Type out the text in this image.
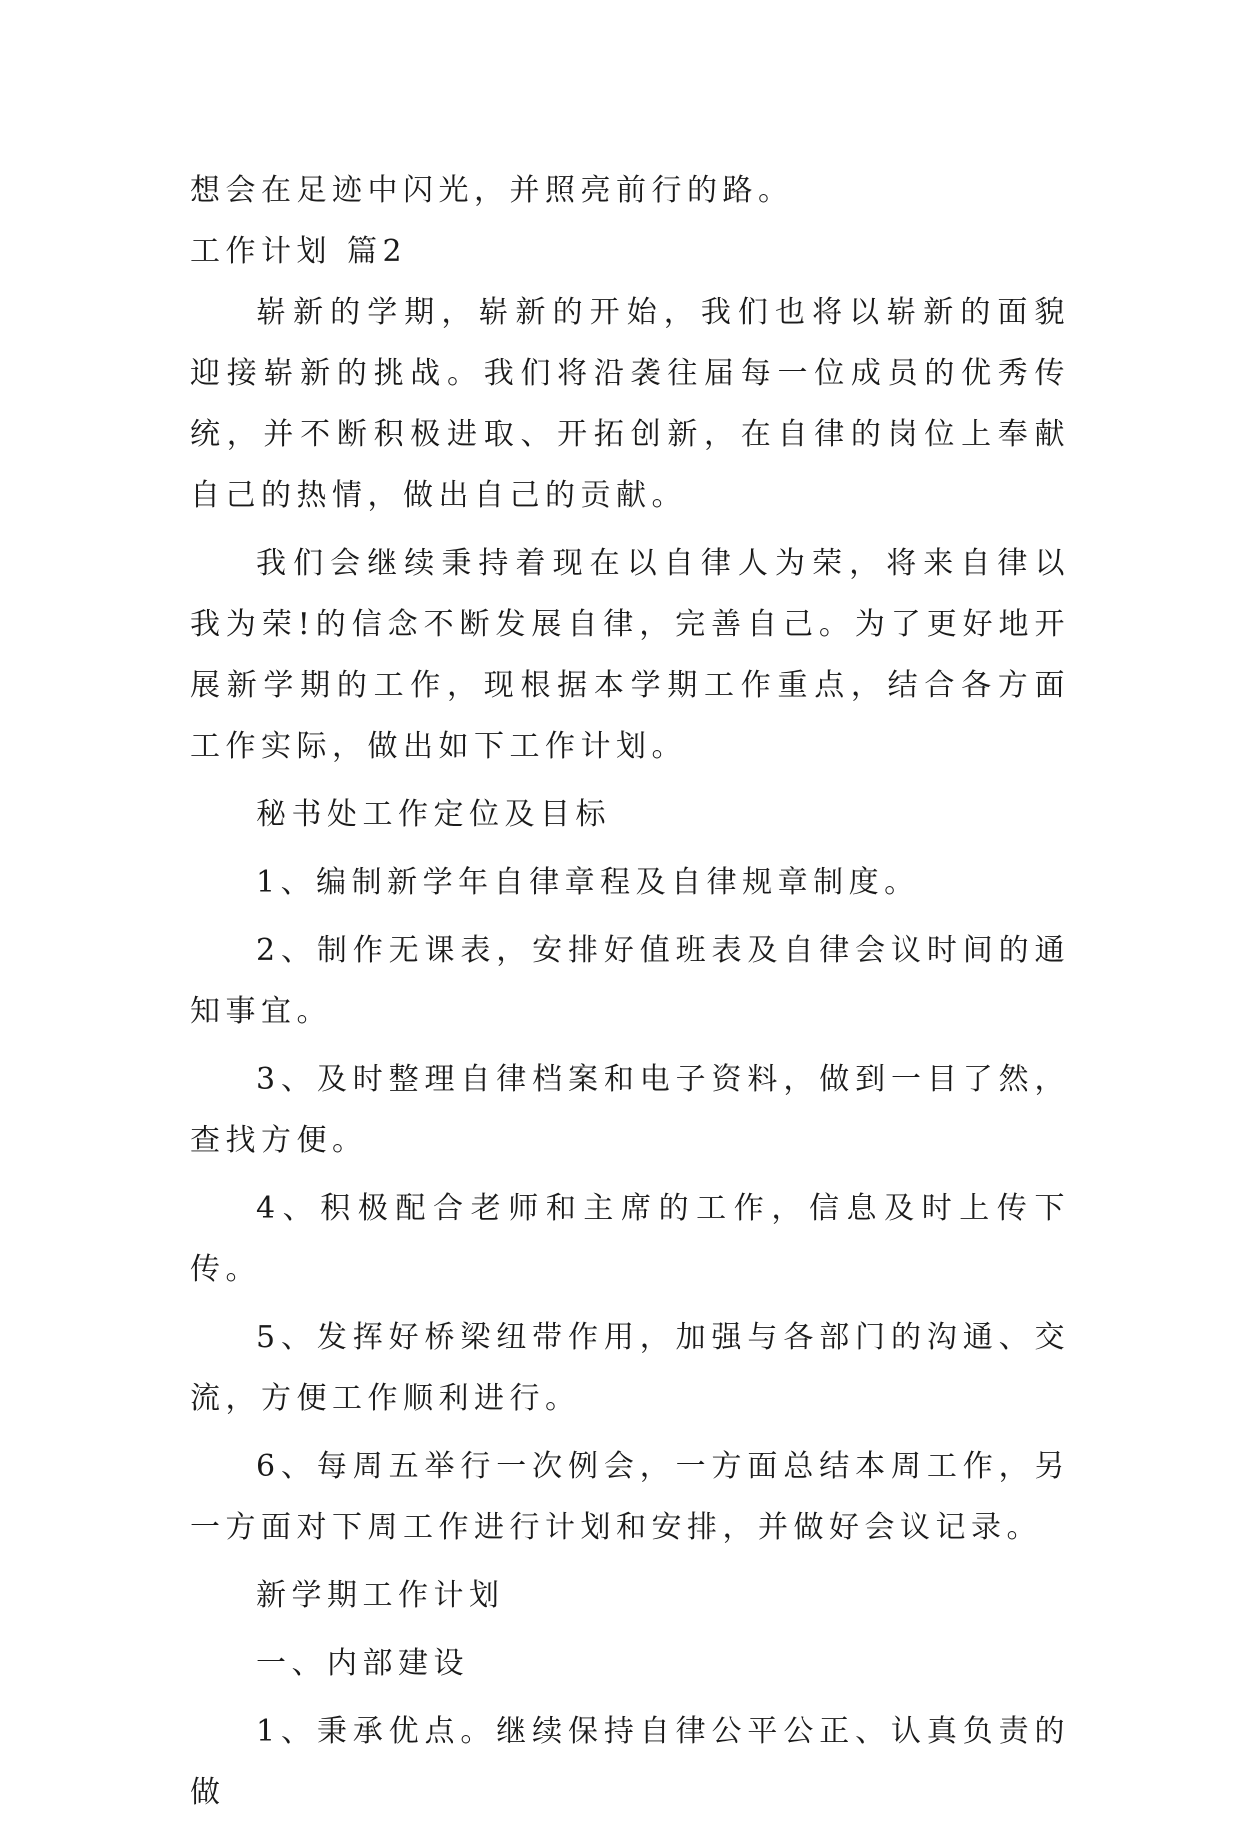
想会在足迹中闪光，并照亮前行的路。

工作计划 篇2

崭新的学期，崭新的开始，我们也将以崭新的面貌迎接崭新的挑战。我们将沿袭往届每一位成员的优秀传统，并不断积极进取、开拓创新，在自律的岗位上奉献自己的热情，做出自己的贡献。

我们会继续秉持着现在以自律人为荣，将来自律以我为荣!的信念不断发展自律，完善自己。为了更好地开展新学期的工作，现根据本学期工作重点，结合各方面工作实际，做出如下工作计划。

秘书处工作定位及目标

1、编制新学年自律章程及自律规章制度。

2、制作无课表，安排好值班表及自律会议时间的通知事宜。

3、及时整理自律档案和电子资料，做到一目了然，查找方便。

4、积极配合老师和主席的工作，信息及时上传下传。

5、发挥好桥梁纽带作用，加强与各部门的沟通、交流，方便工作顺利进行。

6、每周五举行一次例会，一方面总结本周工作，另一方面对下周工作进行计划和安排，并做好会议记录。

新学期工作计划

一、内部建设

1、秉承优点。继续保持自律公平公正、认真负责的做
